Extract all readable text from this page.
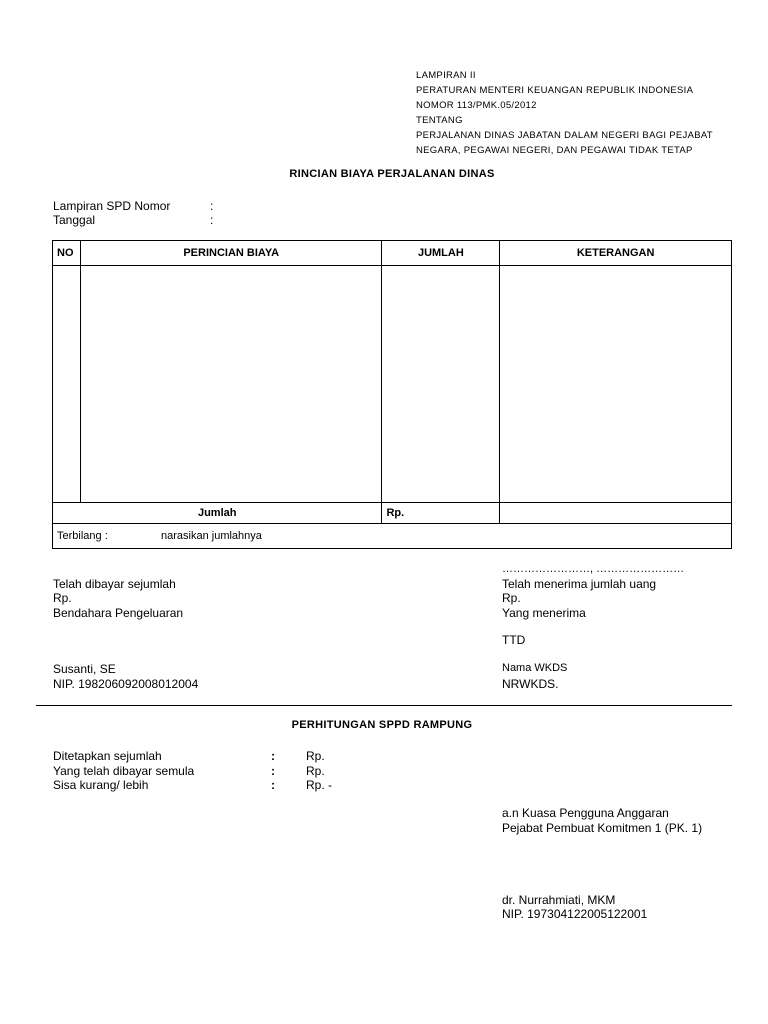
LAMPIRAN II
PERATURAN MENTERI KEUANGAN REPUBLIK INDONESIA
NOMOR 113/PMK.05/2012
TENTANG
PERJALANAN DINAS JABATAN DALAM NEGERI BAGI PEJABAT
NEGARA, PEGAWAI NEGERI, DAN PEGAWAI TIDAK TETAP
RINCIAN BIAYA PERJALANAN DINAS
Lampiran SPD Nomor	:
Tanggal	:
NO	PERINCIAN BIAYA	JUMLAH	KETERANGAN

Jumlah		Rp.	
Terbilang : narasikan jumlahnya			
Telah dibayar sejumlah
Rp.
Bendahara Pengeluaran
Susanti, SE
NIP. 198206092008012004
……………………, ……………………
Telah menerima jumlah uang
Rp.
Yang menerima
TTD
Nama WKDS
NRWKDS.
PERHITUNGAN SPPD RAMPUNG
Ditetapkan sejumlah	:	Rp.
Yang telah dibayar semula	:	Rp.
Sisa kurang/ lebih	:	Rp. -
a.n Kuasa Pengguna Anggaran
Pejabat Pembuat Komitmen 1 (PK. 1)
dr. Nurrahmiati, MKM
NIP. 197304122005122001
